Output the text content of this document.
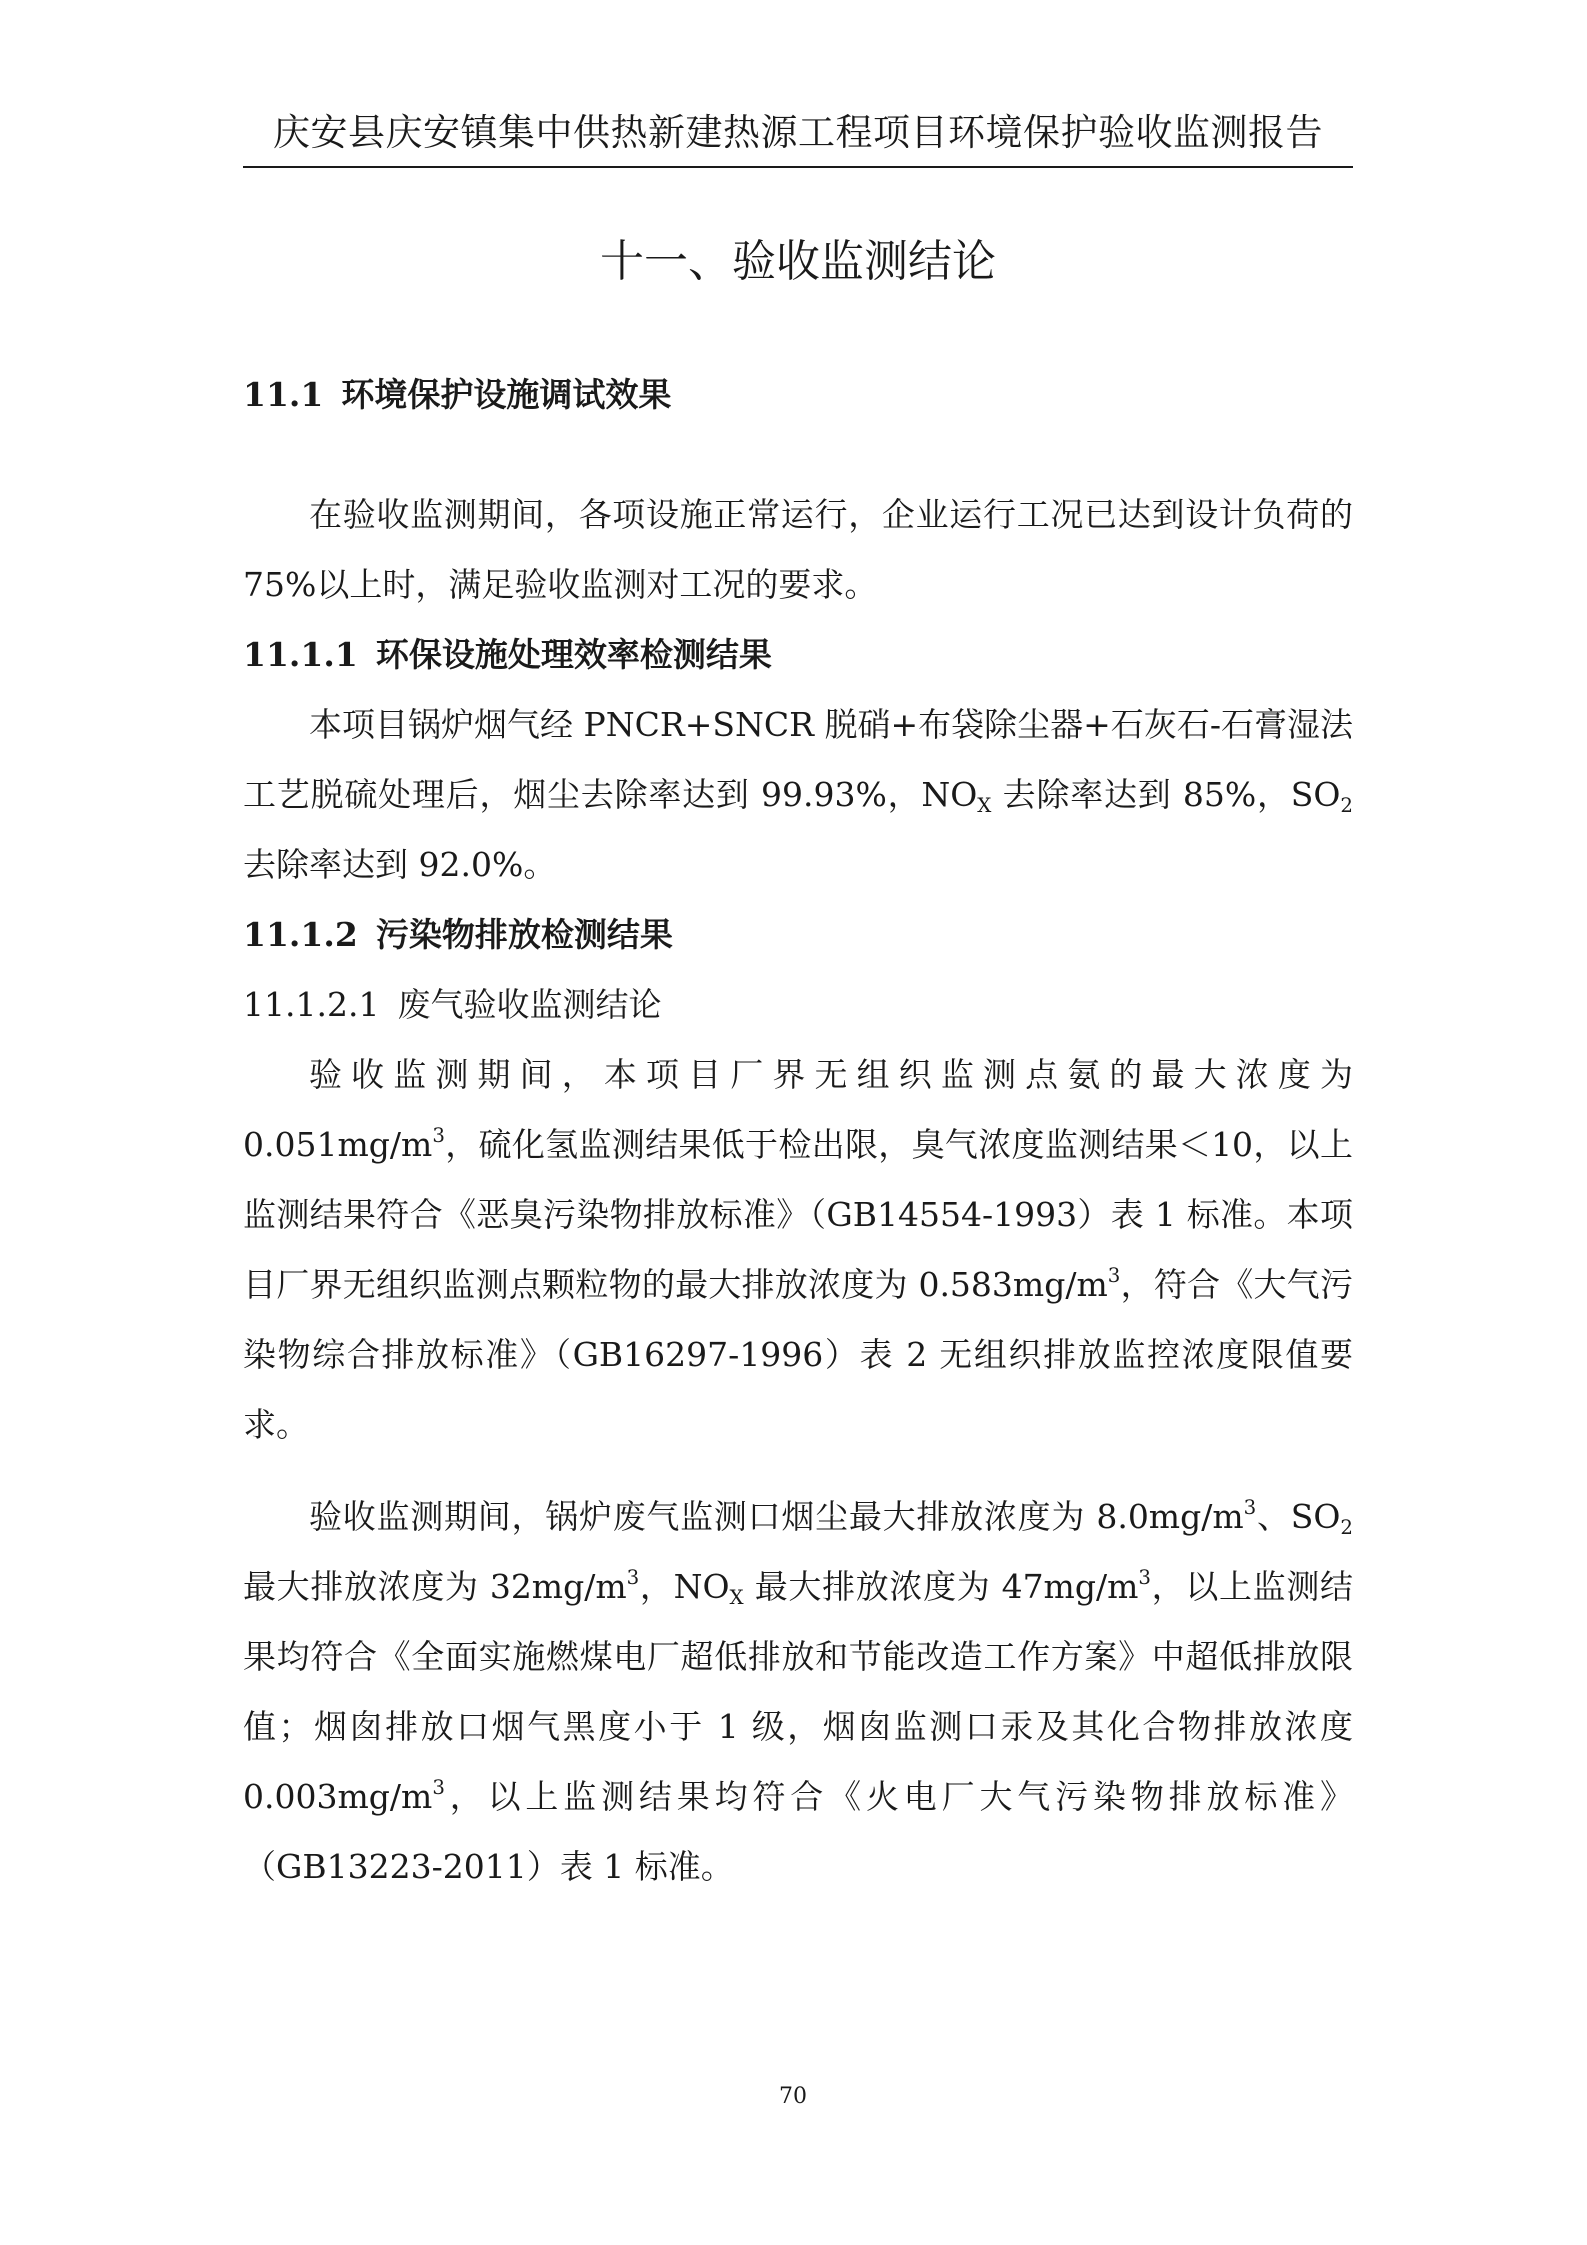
庆安县庆安镇集中供热新建热源工程项目环境保护验收监测报告
十一、验收监测结论
11.1 环境保护设施调试效果

在验收监测期间，各项设施正常运行，企业运行工况已达到设计负荷的 75%以上时，满足验收监测对工况的要求。

11.1.1 环保设施处理效率检测结果

本项目锅炉烟气经 PNCR+SNCR 脱硝+布袋除尘器+石灰石-石膏湿法工艺脱硫处理后，烟尘去除率达到 99.93%，$NO_X$ 去除率达到 85%，$SO_2$ 去除率达到 92.0%。

11.1.2 污染物排放检测结果
11.1.2.1 废气验收监测结论

验收监测期间，本项目厂界无组织监测点氨的最大浓度为 $0.051mg/m^3$，硫化氢监测结果低于检出限，臭气浓度监测结果＜10，以上监测结果符合《恶臭污染物排放标准》（GB14554-1993）表 1 标准。本项目厂界无组织监测点颗粒物的最大排放浓度为 $0.583mg/m^3$，符合《大气污染物综合排放标准》（GB16297-1996）表 2 无组织排放监控浓度限值要求。

验收监测期间，锅炉废气监测口烟尘最大排放浓度为 $8.0mg/m^3$、$SO_2$ 最大排放浓度为 $32mg/m^3$，$NO_X$ 最大排放浓度为 $47mg/m^3$，以上监测结果均符合《全面实施燃煤电厂超低排放和节能改造工作方案》中超低排放限值；烟囱排放口烟气黑度小于 1 级，烟囱监测口汞及其化合物排放浓度 $0.003mg/m^3$，以上监测结果均符合《火电厂大气污染物排放标准》（GB13223-2011）表 1 标准。

70
